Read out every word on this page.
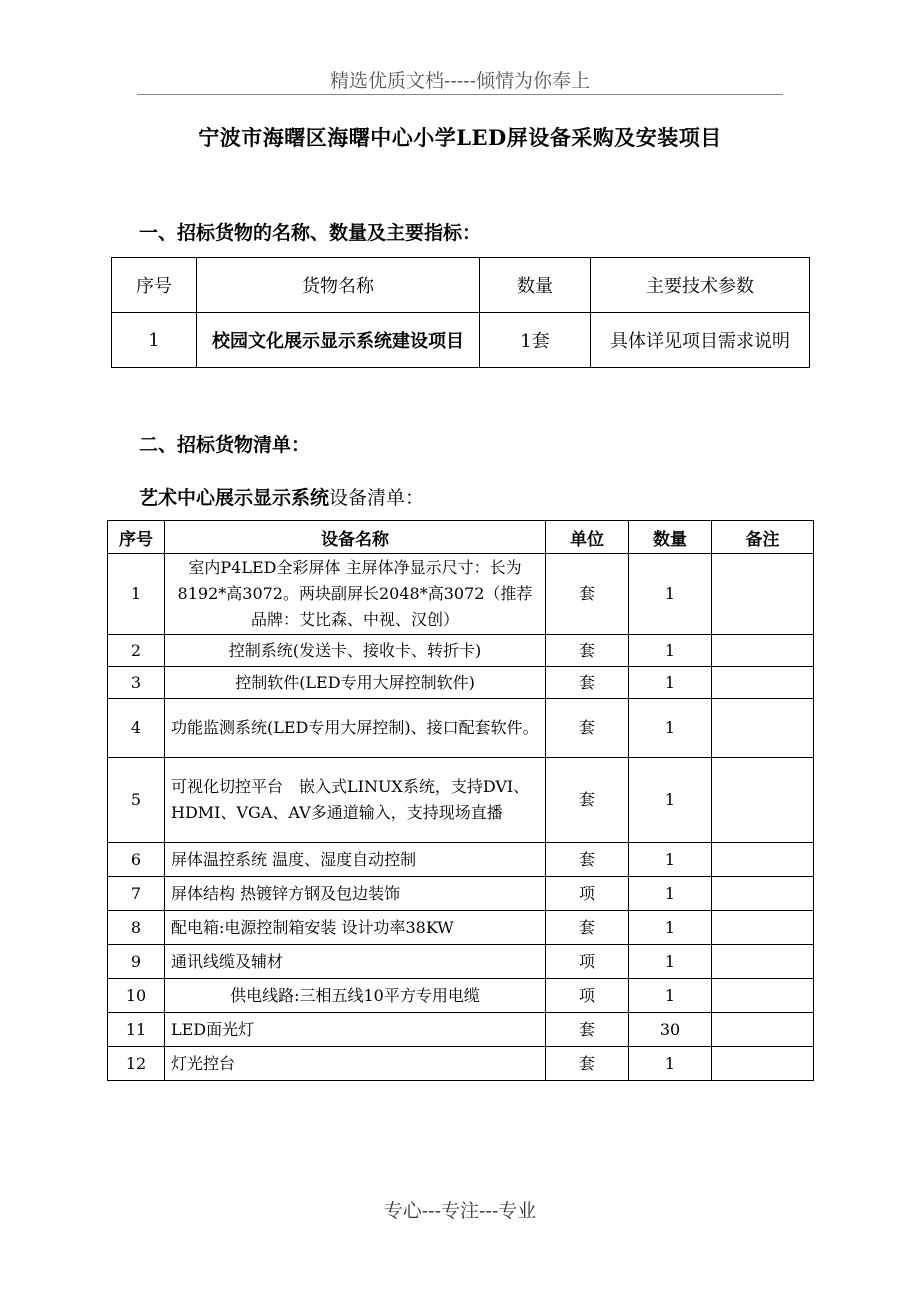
精选优质文档-----倾情为你奉上
宁波市海曙区海曙中心小学LED屏设备采购及安装项目
一、招标货物的名称、数量及主要指标：
序号	货物名称	数量	主要技术参数
1	校园文化展示显示系统建设项目	1套	具体详见项目需求说明
二、招标货物清单：
艺术中心展示显示系统设备清单：
序号	设备名称	单位	数量	备注
1	室内P4LED全彩屏体 主屏体净显示尺寸：长为8192*高3072。两块副屏长2048*高3072（推荐品牌：艾比森、中视、汉创）	套	1	
2	控制系统(发送卡、接收卡、转折卡)	套	1	
3	控制软件(LED专用大屏控制软件)	套	1	
4	功能监测系统(LED专用大屏控制)、接口配套软件。	套	1	
5	可视化切控平台　嵌入式LINUX系统，支持DVI、HDMI、VGA、AV多通道输入，支持现场直播	套	1	
6	屏体温控系统 温度、湿度自动控制	套	1	
7	屏体结构 热镀锌方钢及包边装饰	项	1	
8	配电箱:电源控制箱安装 设计功率38KW	套	1	
9	通讯线缆及辅材	项	1	
10	供电线路:三相五线10平方专用电缆	项	1	
11	LED面光灯	套	30	
12	灯光控台	套	1	
专心---专注---专业
